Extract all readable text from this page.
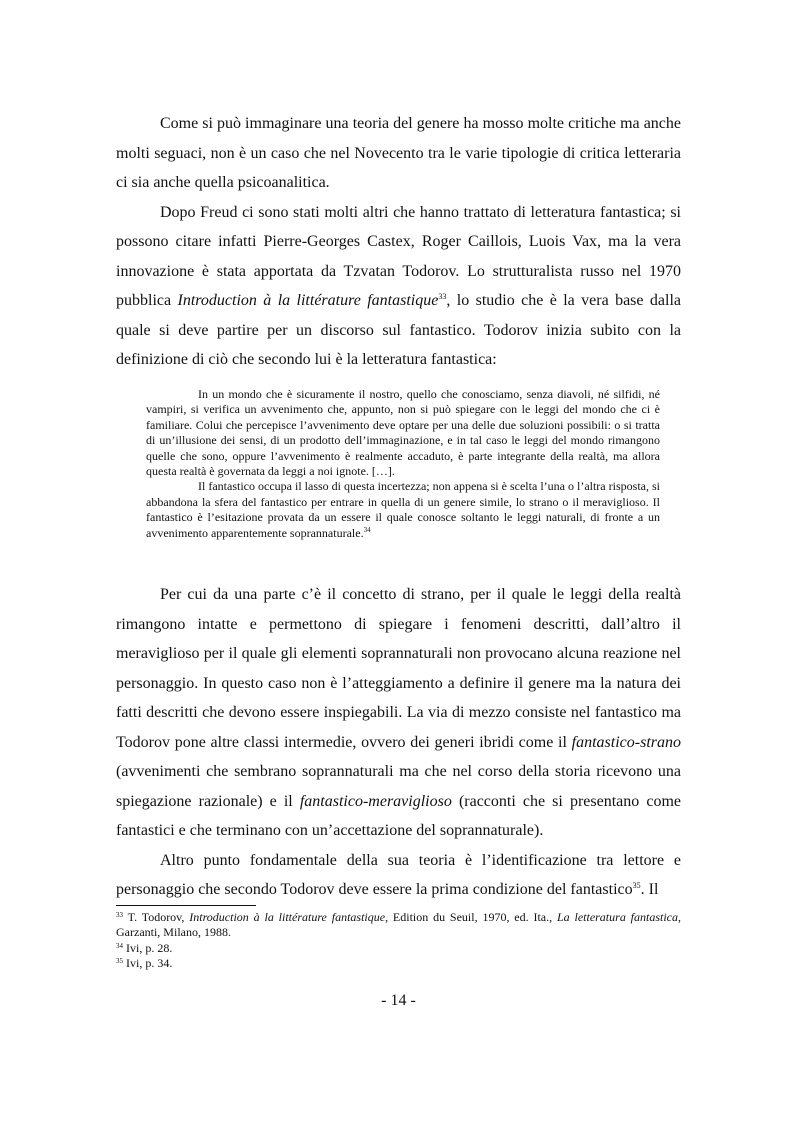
Come si può immaginare una teoria del genere ha mosso molte critiche ma anche molti seguaci, non è un caso che nel Novecento tra le varie tipologie di critica letteraria ci sia anche quella psicoanalitica.

Dopo Freud ci sono stati molti altri che hanno trattato di letteratura fantastica; si possono citare infatti Pierre-Georges Castex, Roger Caillois, Luois Vax, ma la vera innovazione è stata apportata da Tzvatan Todorov. Lo strutturalista russo nel 1970 pubblica Introduction à la littérature fantastique$^{33}$, lo studio che è la vera base dalla quale si deve partire per un discorso sul fantastico. Todorov inizia subito con la definizione di ciò che secondo lui è la letteratura fantastica:

In un mondo che è sicuramente il nostro, quello che conosciamo, senza diavoli, né silfidi, né vampiri, si verifica un avvenimento che, appunto, non si può spiegare con le leggi del mondo che ci è familiare. Colui che percepisce l’avvenimento deve optare per una delle due soluzioni possibili: o si tratta di un’illusione dei sensi, di un prodotto dell’immaginazione, e in tal caso le leggi del mondo rimangono quelle che sono, oppure l’avvenimento è realmente accaduto, è parte integrante della realtà, ma allora questa realtà è governata da leggi a noi ignote. […].

Il fantastico occupa il lasso di questa incertezza; non appena si è scelta l’una o l’altra risposta, si abbandona la sfera del fantastico per entrare in quella di un genere simile, lo strano o il meraviglioso. Il fantastico è l’esitazione provata da un essere il quale conosce soltanto le leggi naturali, di fronte a un avvenimento apparentemente soprannaturale.$^{34}$

Per cui da una parte c’è il concetto di strano, per il quale le leggi della realtà rimangono intatte e permettono di spiegare i fenomeni descritti, dall’altro il meraviglioso per il quale gli elementi soprannaturali non provocano alcuna reazione nel personaggio. In questo caso non è l’atteggiamento a definire il genere ma la natura dei fatti descritti che devono essere inspiegabili. La via di mezzo consiste nel fantastico ma Todorov pone altre classi intermedie, ovvero dei generi ibridi come il fantastico-strano (avvenimenti che sembrano soprannaturali ma che nel corso della storia ricevono una spiegazione razionale) e il fantastico-meraviglioso (racconti che si presentano come fantastici e che terminano con un’accettazione del soprannaturale).

Altro punto fondamentale della sua teoria è l’identificazione tra lettore e personaggio che secondo Todorov deve essere la prima condizione del fantastico$^{35}$. Il

$^{33}$ T. Todorov, Introduction à la littérature fantastique, Edition du Seuil, 1970, ed. Ita., La letteratura fantastica, Garzanti, Milano, 1988.

$^{34}$ Ivi, p. 28.

$^{35}$ Ivi, p. 34.

- 14 -
